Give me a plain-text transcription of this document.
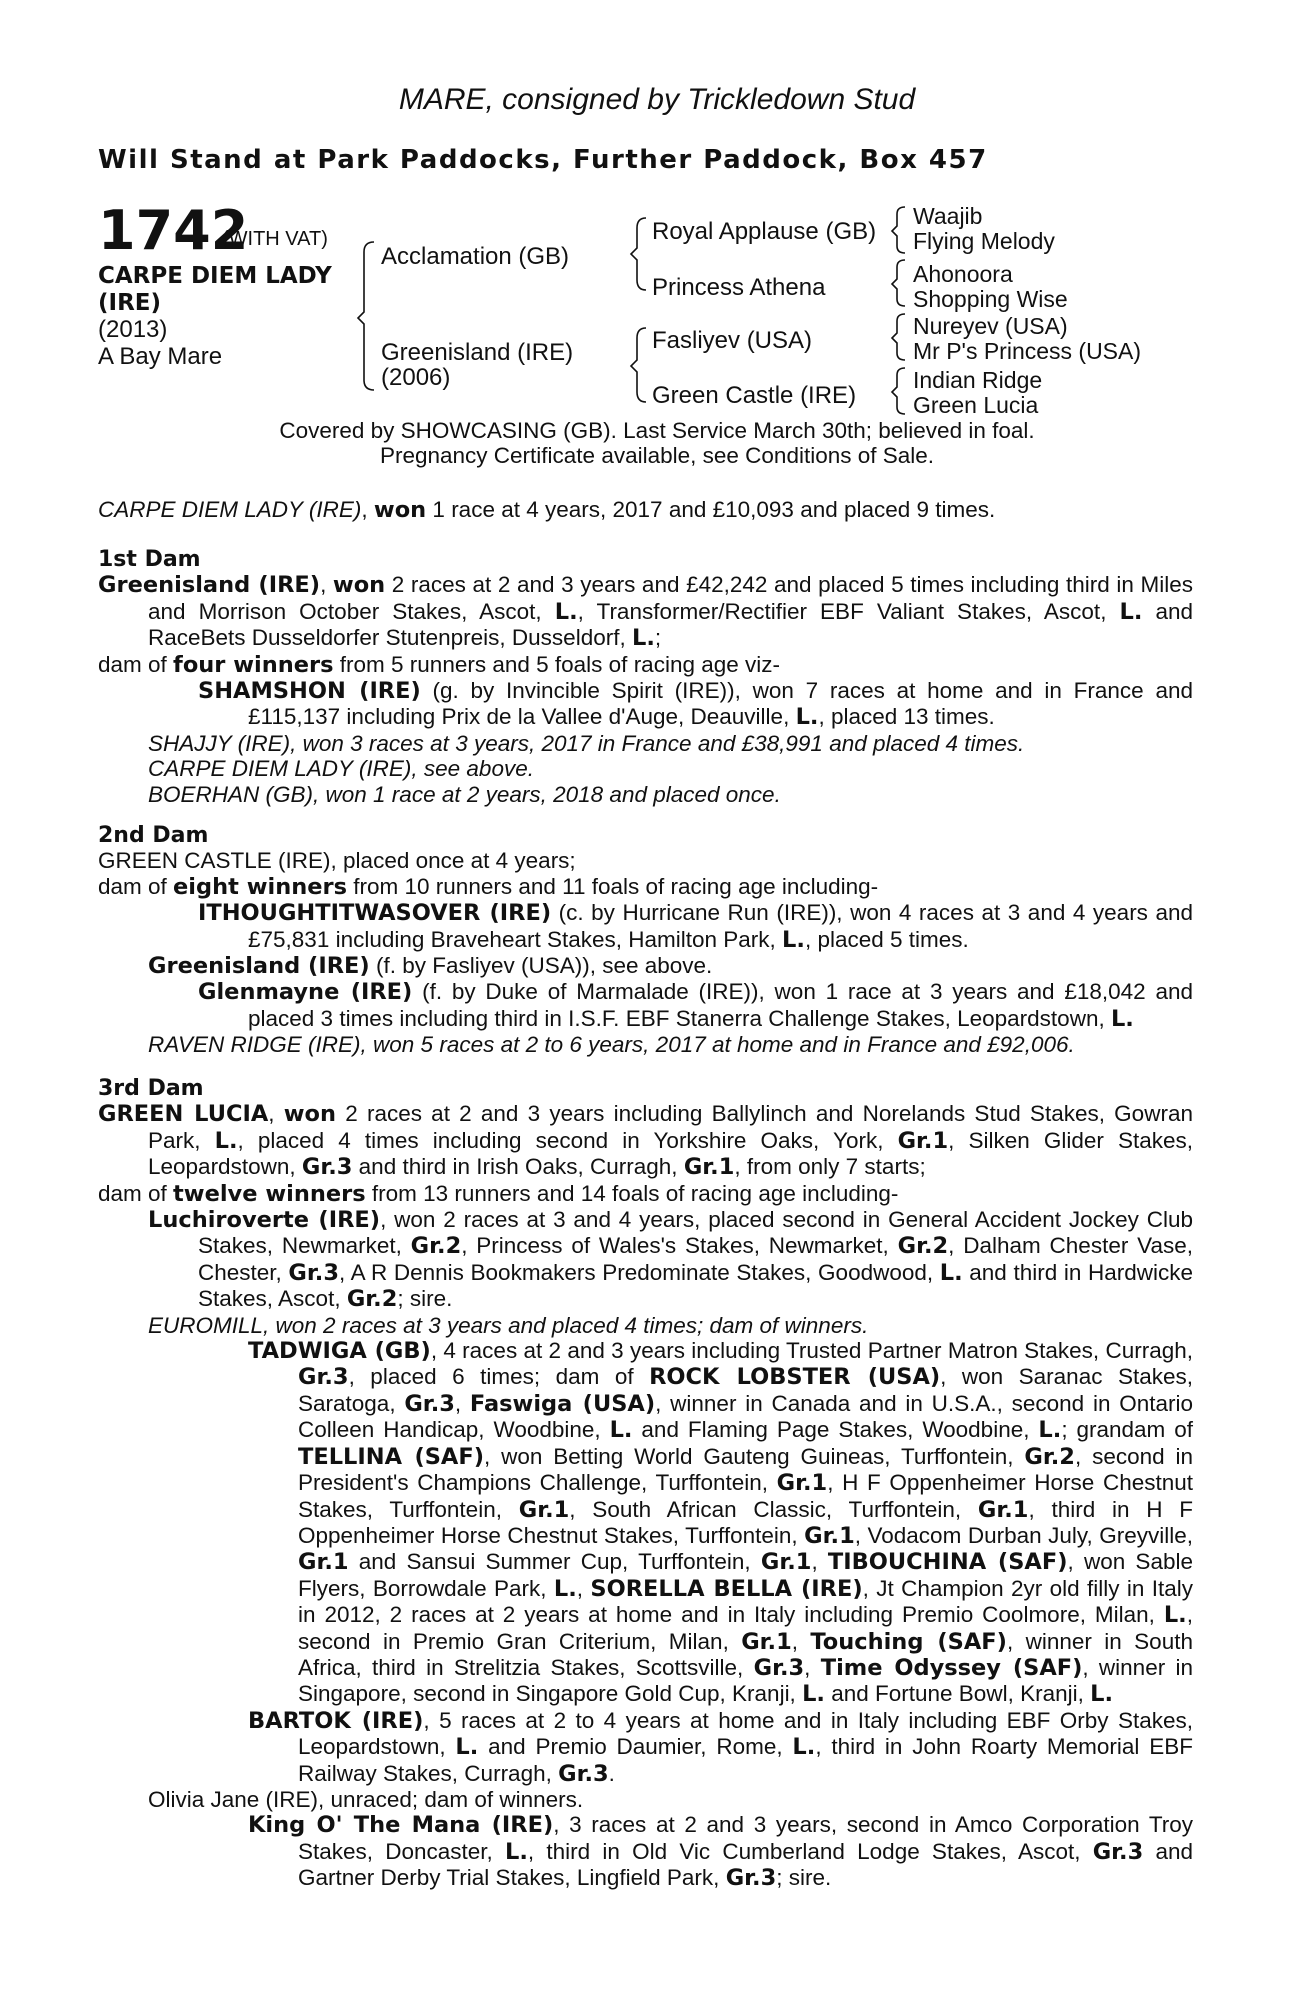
MARE, consigned by Trickledown Stud
Will Stand at Park Paddocks, Further Paddock, Box 457
1742
(WITH VAT)
CARPE DIEM LADY
(IRE)
(2013)
A Bay Mare
Acclamation (GB)
Greenisland (IRE)
(2006)
Royal Applause (GB)
Princess Athena
Fasliyev (USA)
Green Castle (IRE)
Waajib
Flying Melody
Ahonoora
Shopping Wise
Nureyev (USA)
Mr P's Princess (USA)
Indian Ridge
Green Lucia
Covered by SHOWCASING (GB). Last Service March 30th; believed in foal.
Pregnancy Certificate available, see Conditions of Sale.

CARPE DIEM LADY (IRE), won 1 race at 4 years, 2017 and £10,093 and placed 9 times.

1st Dam

Greenisland (IRE), won 2 races at 2 and 3 years and £42,242 and placed 5 times including third in Miles and Morrison October Stakes, Ascot, L., Transformer/Rectifier EBF Valiant Stakes, Ascot, L. and RaceBets Dusseldorfer Stutenpreis, Dusseldorf, L.;

dam of four winners from 5 runners and 5 foals of racing age viz-

SHAMSHON (IRE) (g. by Invincible Spirit (IRE)), won 7 races at home and in France and £115,137 including Prix de la Vallee d'Auge, Deauville, L., placed 13 times.

SHAJJY (IRE), won 3 races at 3 years, 2017 in France and £38,991 and placed 4 times.

CARPE DIEM LADY (IRE), see above.

BOERHAN (GB), won 1 race at 2 years, 2018 and placed once.

2nd Dam

GREEN CASTLE (IRE), placed once at 4 years;

dam of eight winners from 10 runners and 11 foals of racing age including-

ITHOUGHTITWASOVER (IRE) (c. by Hurricane Run (IRE)), won 4 races at 3 and 4 years and £75,831 including Braveheart Stakes, Hamilton Park, L., placed 5 times.

Greenisland (IRE) (f. by Fasliyev (USA)), see above.

Glenmayne (IRE) (f. by Duke of Marmalade (IRE)), won 1 race at 3 years and £18,042 and placed 3 times including third in I.S.F. EBF Stanerra Challenge Stakes, Leopardstown, L.

RAVEN RIDGE (IRE), won 5 races at 2 to 6 years, 2017 at home and in France and £92,006.

3rd Dam

GREEN LUCIA, won 2 races at 2 and 3 years including Ballylinch and Norelands Stud Stakes, Gowran Park, L., placed 4 times including second in Yorkshire Oaks, York, Gr.1, Silken Glider Stakes, Leopardstown, Gr.3 and third in Irish Oaks, Curragh, Gr.1, from only 7 starts;

dam of twelve winners from 13 runners and 14 foals of racing age including-

Luchiroverte (IRE), won 2 races at 3 and 4 years, placed second in General Accident Jockey Club Stakes, Newmarket, Gr.2, Princess of Wales's Stakes, Newmarket, Gr.2, Dalham Chester Vase, Chester, Gr.3, A R Dennis Bookmakers Predominate Stakes, Goodwood, L. and third in Hardwicke Stakes, Ascot, Gr.2; sire.

EUROMILL, won 2 races at 3 years and placed 4 times; dam of winners.

TADWIGA (GB), 4 races at 2 and 3 years including Trusted Partner Matron Stakes, Curragh, Gr.3, placed 6 times; dam of ROCK LOBSTER (USA), won Saranac Stakes, Saratoga, Gr.3, Faswiga (USA), winner in Canada and in U.S.A., second in Ontario Colleen Handicap, Woodbine, L. and Flaming Page Stakes, Woodbine, L.; grandam of TELLINA (SAF), won Betting World Gauteng Guineas, Turffontein, Gr.2, second in President's Champions Challenge, Turffontein, Gr.1, H F Oppenheimer Horse Chestnut Stakes, Turffontein, Gr.1, South African Classic, Turffontein, Gr.1, third in H F Oppenheimer Horse Chestnut Stakes, Turffontein, Gr.1, Vodacom Durban July, Greyville, Gr.1 and Sansui Summer Cup, Turffontein, Gr.1, TIBOUCHINA (SAF), won Sable Flyers, Borrowdale Park, L., SORELLA BELLA (IRE), Jt Champion 2yr old filly in Italy in 2012, 2 races at 2 years at home and in Italy including Premio Coolmore, Milan, L., second in Premio Gran Criterium, Milan, Gr.1, Touching (SAF), winner in South Africa, third in Strelitzia Stakes, Scottsville, Gr.3, Time Odyssey (SAF), winner in Singapore, second in Singapore Gold Cup, Kranji, L. and Fortune Bowl, Kranji, L.

BARTOK (IRE), 5 races at 2 to 4 years at home and in Italy including EBF Orby Stakes, Leopardstown, L. and Premio Daumier, Rome, L., third in John Roarty Memorial EBF Railway Stakes, Curragh, Gr.3.

Olivia Jane (IRE), unraced; dam of winners.

King O' The Mana (IRE), 3 races at 2 and 3 years, second in Amco Corporation Troy Stakes, Doncaster, L., third in Old Vic Cumberland Lodge Stakes, Ascot, Gr.3 and Gartner Derby Trial Stakes, Lingfield Park, Gr.3; sire.
